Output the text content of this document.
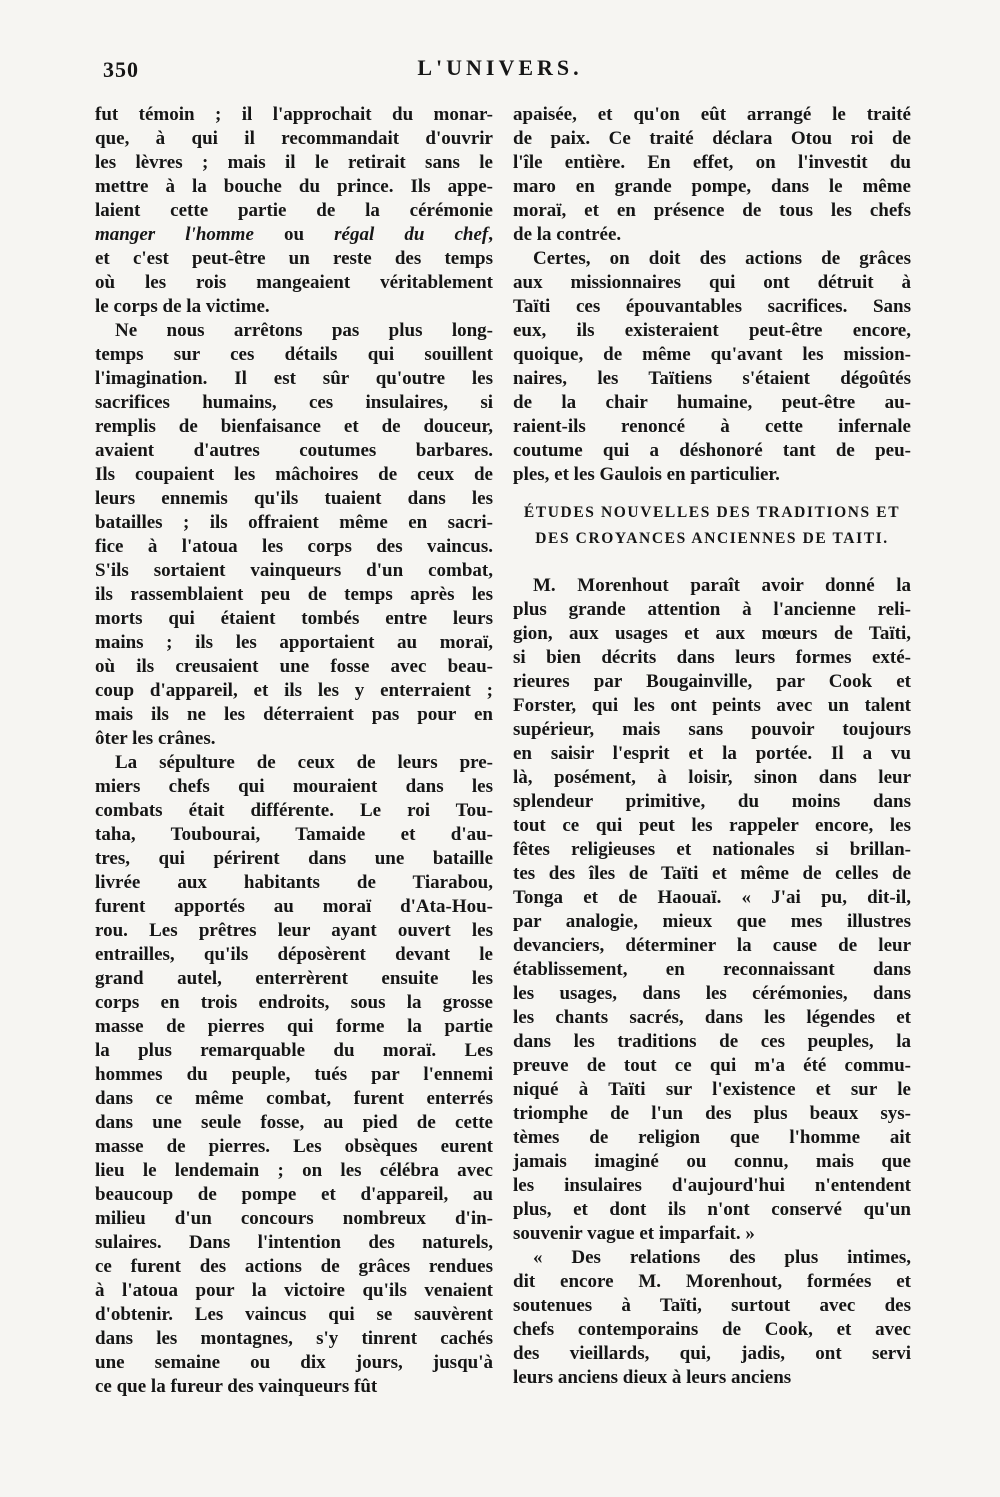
350	L'UNIVERS.
fut témoin ; il l'approchait du monar-
que, à qui il recommandait d'ouvrir
les lèvres ; mais il le retirait sans le
mettre à la bouche du prince. Ils appe-
laient cette partie de la cérémonie
manger l'homme ou régal du chef,
et c'est peut-être un reste des temps
où les rois mangeaient véritablement
le corps de la victime.
Ne nous arrêtons pas plus long-
temps sur ces détails qui souillent
l'imagination. Il est sûr qu'outre les
sacrifices humains, ces insulaires, si
remplis de bienfaisance et de douceur,
avaient d'autres coutumes barbares.
Ils coupaient les mâchoires de ceux de
leurs ennemis qu'ils tuaient dans les
batailles ; ils offraient même en sacri-
fice à l'atoua les corps des vaincus.
S'ils sortaient vainqueurs d'un combat,
ils rassemblaient peu de temps après les
morts qui étaient tombés entre leurs
mains ; ils les apportaient au moraï,
où ils creusaient une fosse avec beau-
coup d'appareil, et ils les y enterraient ;
mais ils ne les déterraient pas pour en
ôter les crânes.
La sépulture de ceux de leurs pre-
miers chefs qui mouraient dans les
combats était différente. Le roi Tou-
taha, Toubourai, Tamaide et d'au-
tres, qui périrent dans une bataille
livrée aux habitants de Tiarabou,
furent apportés au moraï d'Ata-Hou-
rou. Les prêtres leur ayant ouvert les
entrailles, qu'ils déposèrent devant le
grand autel, enterrèrent ensuite les
corps en trois endroits, sous la grosse
masse de pierres qui forme la partie
la plus remarquable du moraï. Les
hommes du peuple, tués par l'ennemi
dans ce même combat, furent enterrés
dans une seule fosse, au pied de cette
masse de pierres. Les obsèques eurent
lieu le lendemain ; on les célébra avec
beaucoup de pompe et d'appareil, au
milieu d'un concours nombreux d'in-
sulaires. Dans l'intention des naturels,
ce furent des actions de grâces rendues
à l'atoua pour la victoire qu'ils venaient
d'obtenir. Les vaincus qui se sauvèrent
dans les montagnes, s'y tinrent cachés
une semaine ou dix jours, jusqu'à
ce que la fureur des vainqueurs fût
apaisée, et qu'on eût arrangé le traité
de paix. Ce traité déclara Otou roi de
l'île entière. En effet, on l'investit du
maro en grande pompe, dans le même
moraï, et en présence de tous les chefs
de la contrée.
Certes, on doit des actions de grâces
aux missionnaires qui ont détruit à
Taïti ces épouvantables sacrifices. Sans
eux, ils existeraient peut-être encore,
quoique, de même qu'avant les mission-
naires, les Taïtiens s'étaient dégoûtés
de la chair humaine, peut-être au-
raient-ils renoncé à cette infernale
coutume qui a déshonoré tant de peu-
ples, et les Gaulois en particulier.
ÉTUDES NOUVELLES DES TRADITIONS ET
DES CROYANCES ANCIENNES DE TAITI.
M. Morenhout paraît avoir donné la
plus grande attention à l'ancienne reli-
gion, aux usages et aux mœurs de Taïti,
si bien décrits dans leurs formes exté-
rieures par Bougainville, par Cook et
Forster, qui les ont peints avec un talent
supérieur, mais sans pouvoir toujours
en saisir l'esprit et la portée. Il a vu
là, posément, à loisir, sinon dans leur
splendeur primitive, du moins dans
tout ce qui peut les rappeler encore, les
fêtes religieuses et nationales si brillan-
tes des îles de Taïti et même de celles de
Tonga et de Haouaï. « J'ai pu, dit-il,
par analogie, mieux que mes illustres
devanciers, déterminer la cause de leur
établissement, en reconnaissant dans
les usages, dans les cérémonies, dans
les chants sacrés, dans les légendes et
dans les traditions de ces peuples, la
preuve de tout ce qui m'a été commu-
niqué à Taïti sur l'existence et sur le
triomphe de l'un des plus beaux sys-
tèmes de religion que l'homme ait
jamais imaginé ou connu, mais que
les insulaires d'aujourd'hui n'entendent
plus, et dont ils n'ont conservé qu'un
souvenir vague et imparfait. »
« Des relations des plus intimes,
dit encore M. Morenhout, formées et
soutenues à Taïti, surtout avec des
chefs contemporains de Cook, et avec
des vieillards, qui, jadis, ont servi
leurs anciens dieux à leurs anciens
